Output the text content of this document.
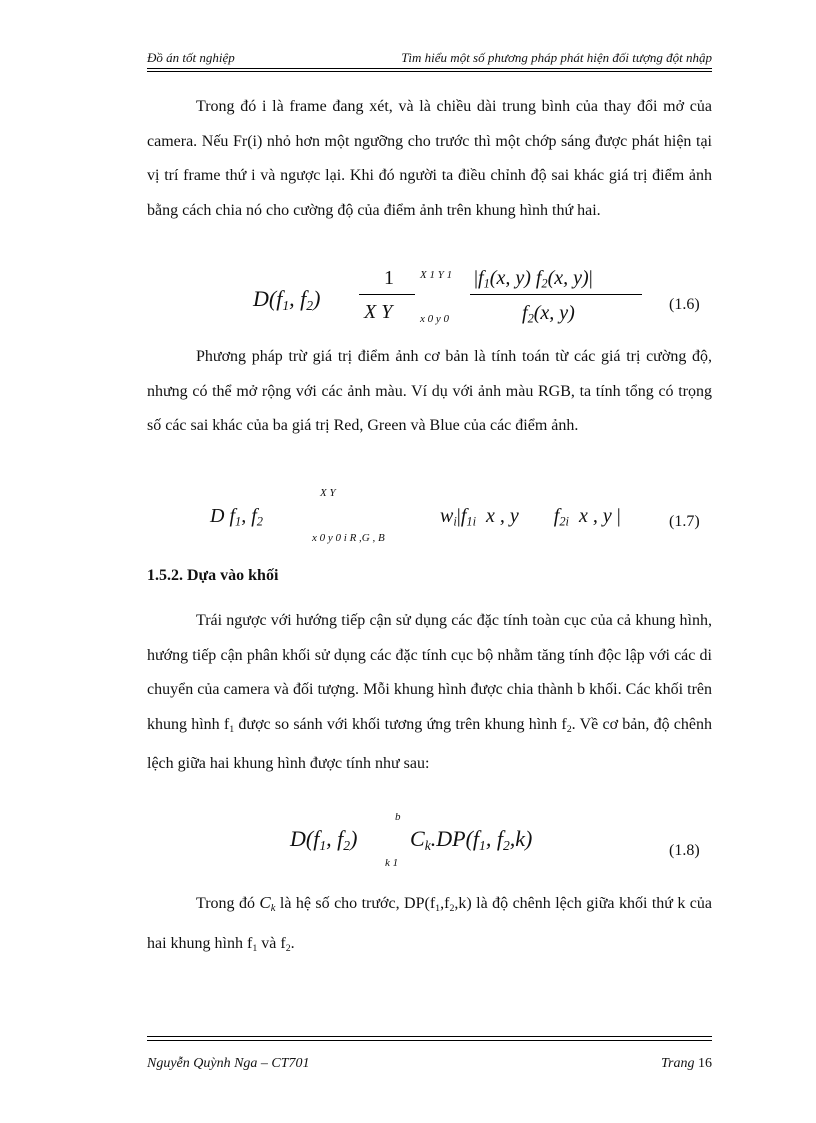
Đồ án tốt nghiệp	Tìm hiểu một số phương pháp phát hiện đối tượng đột nhập

Trong đó i là frame đang xét, và là chiều dài trung bình của thay đổi mở của camera. Nếu Fr(i) nhỏ hơn một ngưỡng cho trước thì một chớp sáng được phát hiện tại vị trí frame thứ i và ngược lại. Khi đó người ta điều chỉnh độ sai khác giá trị điểm ảnh bằng cách chia nó cho cường độ của điểm ảnh trên khung hình thứ hai.

$D(f_1$, $f_2$)
1
X Y
X 1 Y 1
x 0 y 0
$|f_1(x$, y) $f_2(x$, y)|
$f_2(x$, y)	(1.6)

Phương pháp trừ giá trị điểm ảnh cơ bản là tính toán từ các giá trị cường độ, nhưng có thể mở rộng với các ảnh màu. Ví dụ với ảnh màu RGB, ta tính tổng có trọng số các sai khác của ba giá trị Red, Green và Blue của các điểm ảnh.

X Y
D $f_1$, $f_2$
x 0 y 0 i R ,G , B
$w_i|f_{1i}$ x , y $f_{2i}$ x , y |	(1.7)
1.5.2. Dựa vào khối

Trái ngược với hướng tiếp cận sử dụng các đặc tính toàn cục của cả khung hình, hướng tiếp cận phân khối sử dụng các đặc tính cục bộ nhằm tăng tính độc lập với các di chuyển của camera và đối tượng. Mỗi khung hình được chia thành b khối. Các khối trên khung hình $f_1$ được so sánh với khối tương ứng trên khung hình $f_2$. Về cơ bản, độ chênh lệch giữa hai khung hình được tính như sau:

b
$D(f_1$, $f_2$) $C_k.DP(f_1$, $f_2,k$)
k 1
(1.8)

Trong đó $C_k$ là hệ số cho trước, $DP(f_1,f_2,k)$ là độ chênh lệch giữa khối thứ k của hai khung hình $f_1$ và $f_2$.

Nguyễn Quỳnh Nga – CT701	Trang 16
